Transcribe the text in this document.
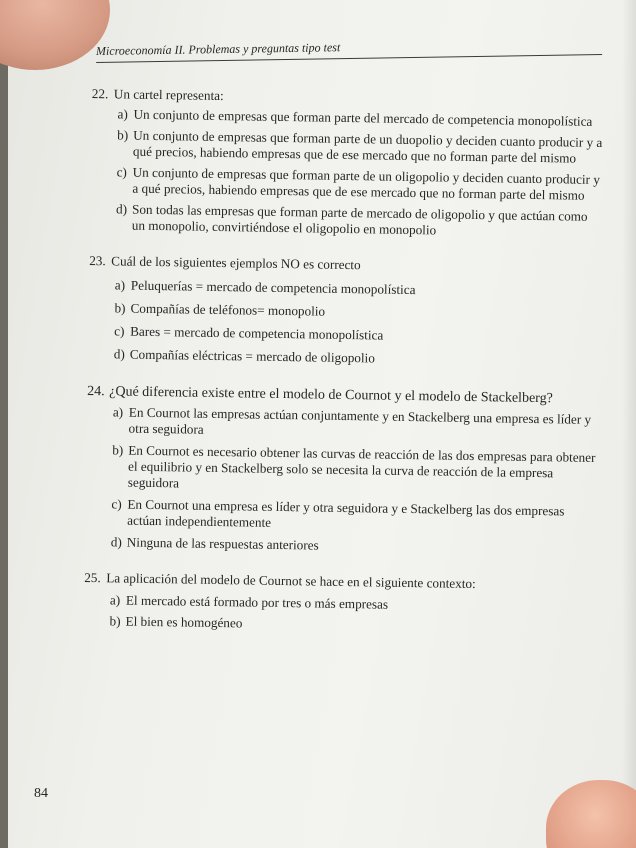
Microeconomía II. Problemas y preguntas tipo test
22. Un cartel representa:
a) Un conjunto de empresas que forman parte del mercado de competencia monopolística
b) Un conjunto de empresas que forman parte de un duopolio y deciden cuanto producir y a qué precios, habiendo empresas que de ese mercado que no forman parte del mismo
c) Un conjunto de empresas que forman parte de un oligopolio y deciden cuanto producir y a qué precios, habiendo empresas que de ese mercado que no forman parte del mismo
d) Son todas las empresas que forman parte de mercado de oligopolio y que actúan como un monopolio, convirtiéndose el oligopolio en monopolio
23. Cuál de los siguientes ejemplos NO es correcto
a) Peluquerías = mercado de competencia monopolística
b) Compañías de teléfonos= monopolio
c) Bares = mercado de competencia monopolística
d) Compañías eléctricas = mercado de oligopolio
24. ¿Qué diferencia existe entre el modelo de Cournot y el modelo de Stackelberg?
a) En Cournot las empresas actúan conjuntamente y en Stackelberg una empresa es líder y otra seguidora
b) En Cournot es necesario obtener las curvas de reacción de las dos empresas para obtener el equilibrio y en Stackelberg solo se necesita la curva de reacción de la empresa seguidora
c) En Cournot una empresa es líder y otra seguidora y e Stackelberg las dos empresas actúan independientemente
d) Ninguna de las respuestas anteriores
25. La aplicación del modelo de Cournot se hace en el siguiente contexto:
a) El mercado está formado por tres o más empresas
b) El bien es homogéneo
84
